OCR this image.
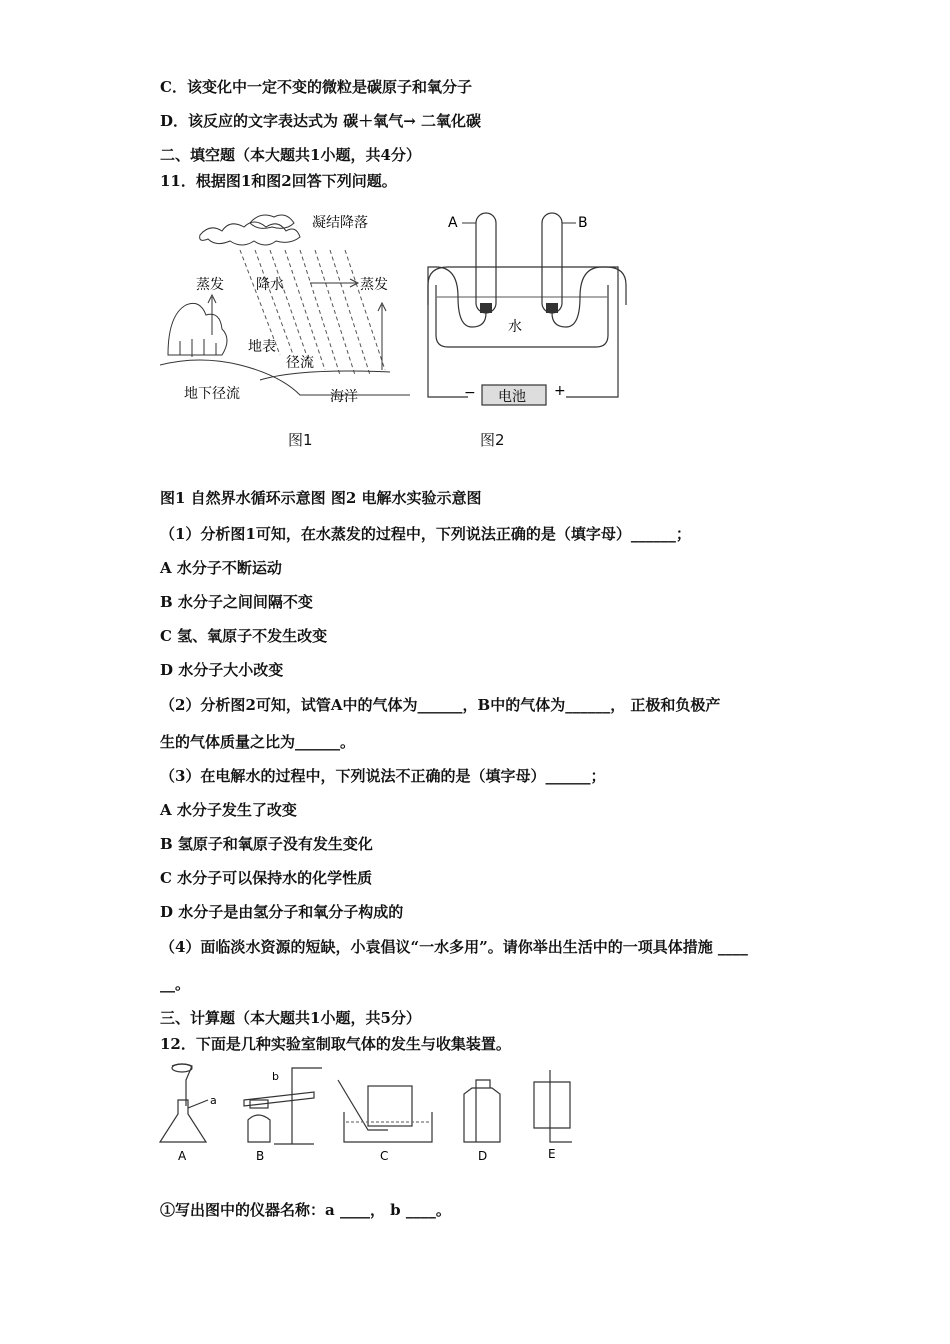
C．该变化中一定不变的微粒是碳原子和氧分子
D．该反应的文字表达式为 碳＋氧气→ 二氧化碳
二、填空题（本大题共1小题，共4分）
11．根据图1和图2回答下列问题。
凝结降落
蒸发 降水	蒸发
地表
径流
地下径流	海洋
图1
A	B
水
电池
−	+
图2
图1 自然界水循环示意图 图2 电解水实验示意图
（1）分析图1可知，在水蒸发的过程中，下列说法正确的是（填字母）______；
A 水分子不断运动
B 水分子之间间隔不变
C 氢、氧原子不发生改变
D 水分子大小改变
（2）分析图2可知，试管A中的气体为______，B中的气体为______， 正极和负极产
生的气体质量之比为______。
（3）在电解水的过程中，下列说法不正确的是（填字母）______；
A 水分子发生了改变
B 氢原子和氧原子没有发生变化
C 水分子可以保持水的化学性质
D 水分子是由氢分子和氧分子构成的
（4）面临淡水资源的短缺，小袁倡议“一水多用”。请你举出生活中的一项具体措施 ____
__。
三、计算题（本大题共1小题，共5分）
12．下面是几种实验室制取气体的发生与收集装置。
A	B	C	D	E
a
b
①写出图中的仪器名称：a ____， b ____。
